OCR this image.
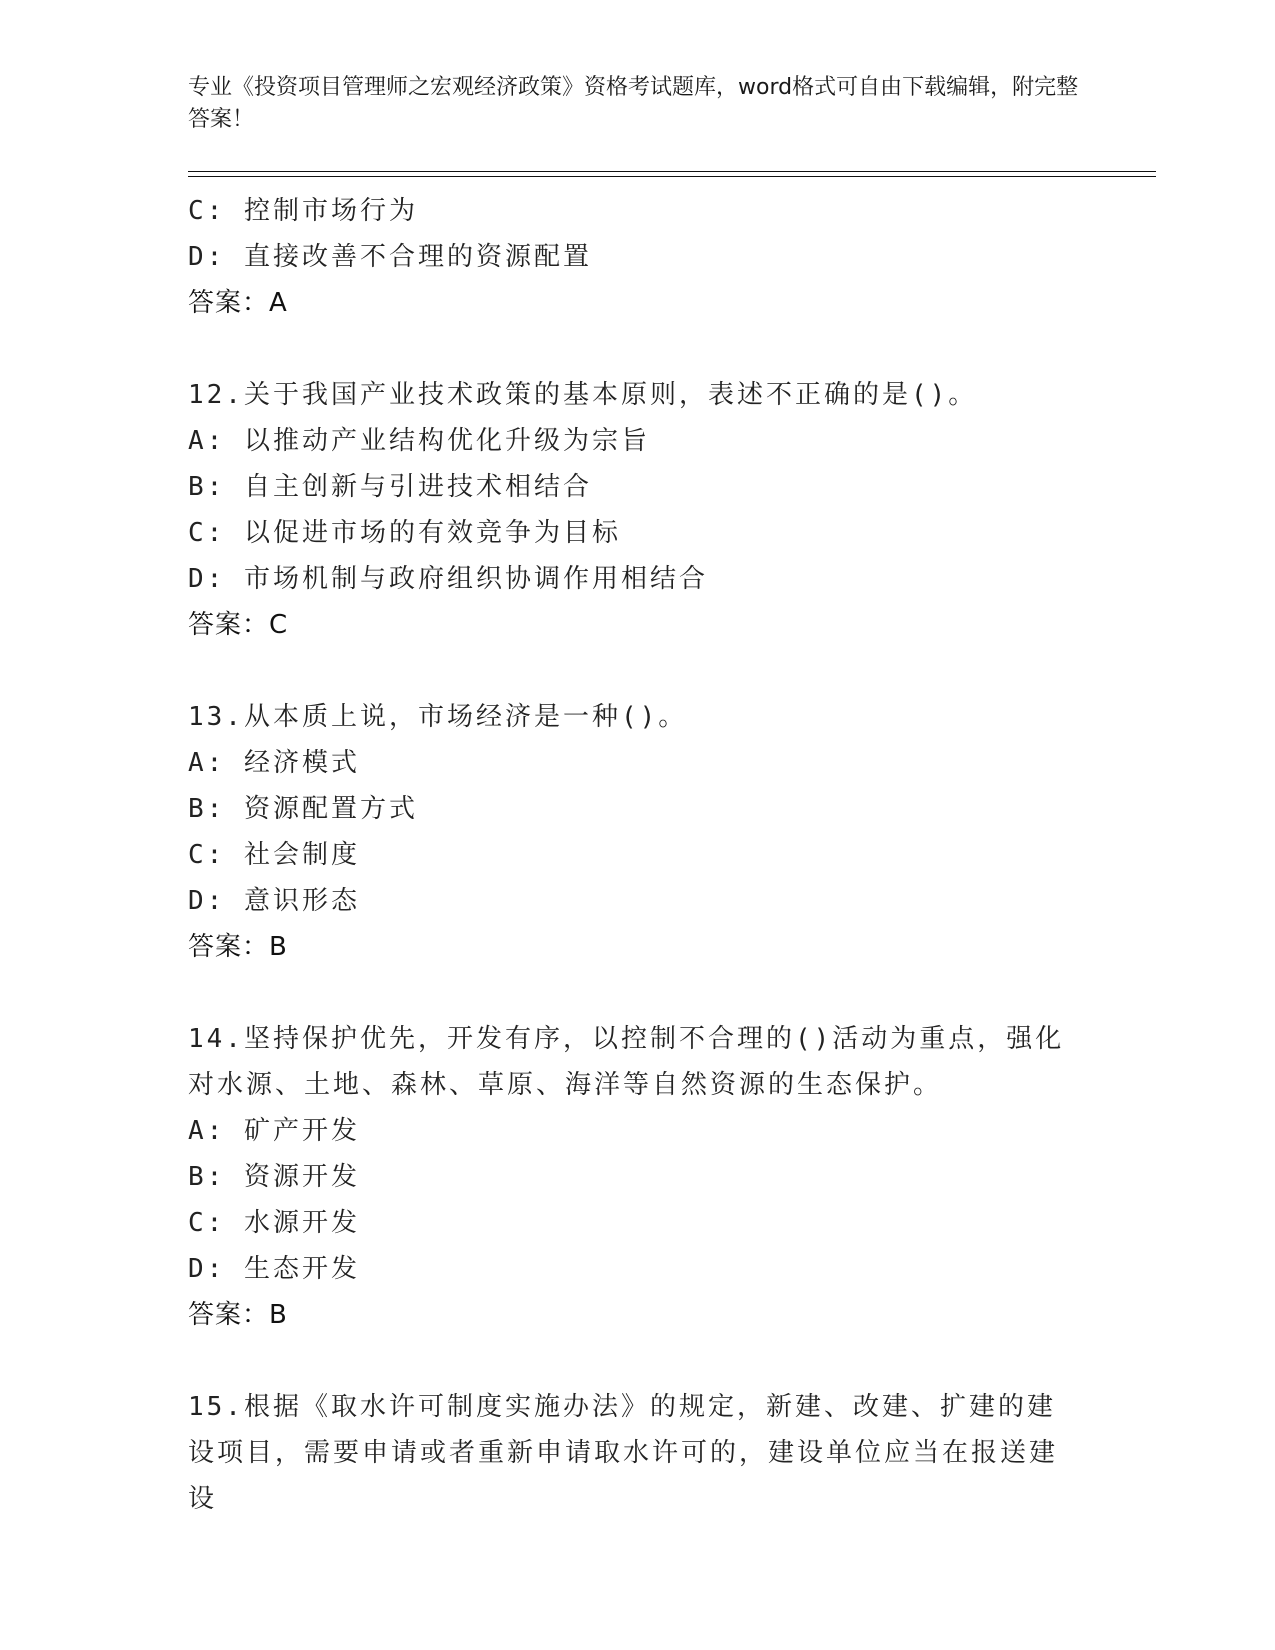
专业《投资项目管理师之宏观经济政策》资格考试题库，word格式可自由下载编辑，附完整答案！
C: 控制市场行为
D: 直接改善不合理的资源配置
答案：A
12.关于我国产业技术政策的基本原则，表述不正确的是()。
A: 以推动产业结构优化升级为宗旨
B: 自主创新与引进技术相结合
C: 以促进市场的有效竞争为目标
D: 市场机制与政府组织协调作用相结合
答案：C
13.从本质上说，市场经济是一种()。
A: 经济模式
B: 资源配置方式
C: 社会制度
D: 意识形态
答案：B
14.坚持保护优先，开发有序，以控制不合理的()活动为重点，强化对水源、土地、森林、草原、海洋等自然资源的生态保护。
A: 矿产开发
B: 资源开发
C: 水源开发
D: 生态开发
答案：B
15.根据《取水许可制度实施办法》的规定，新建、改建、扩建的建设项目，需要申请或者重新申请取水许可的，建设单位应当在报送建设
